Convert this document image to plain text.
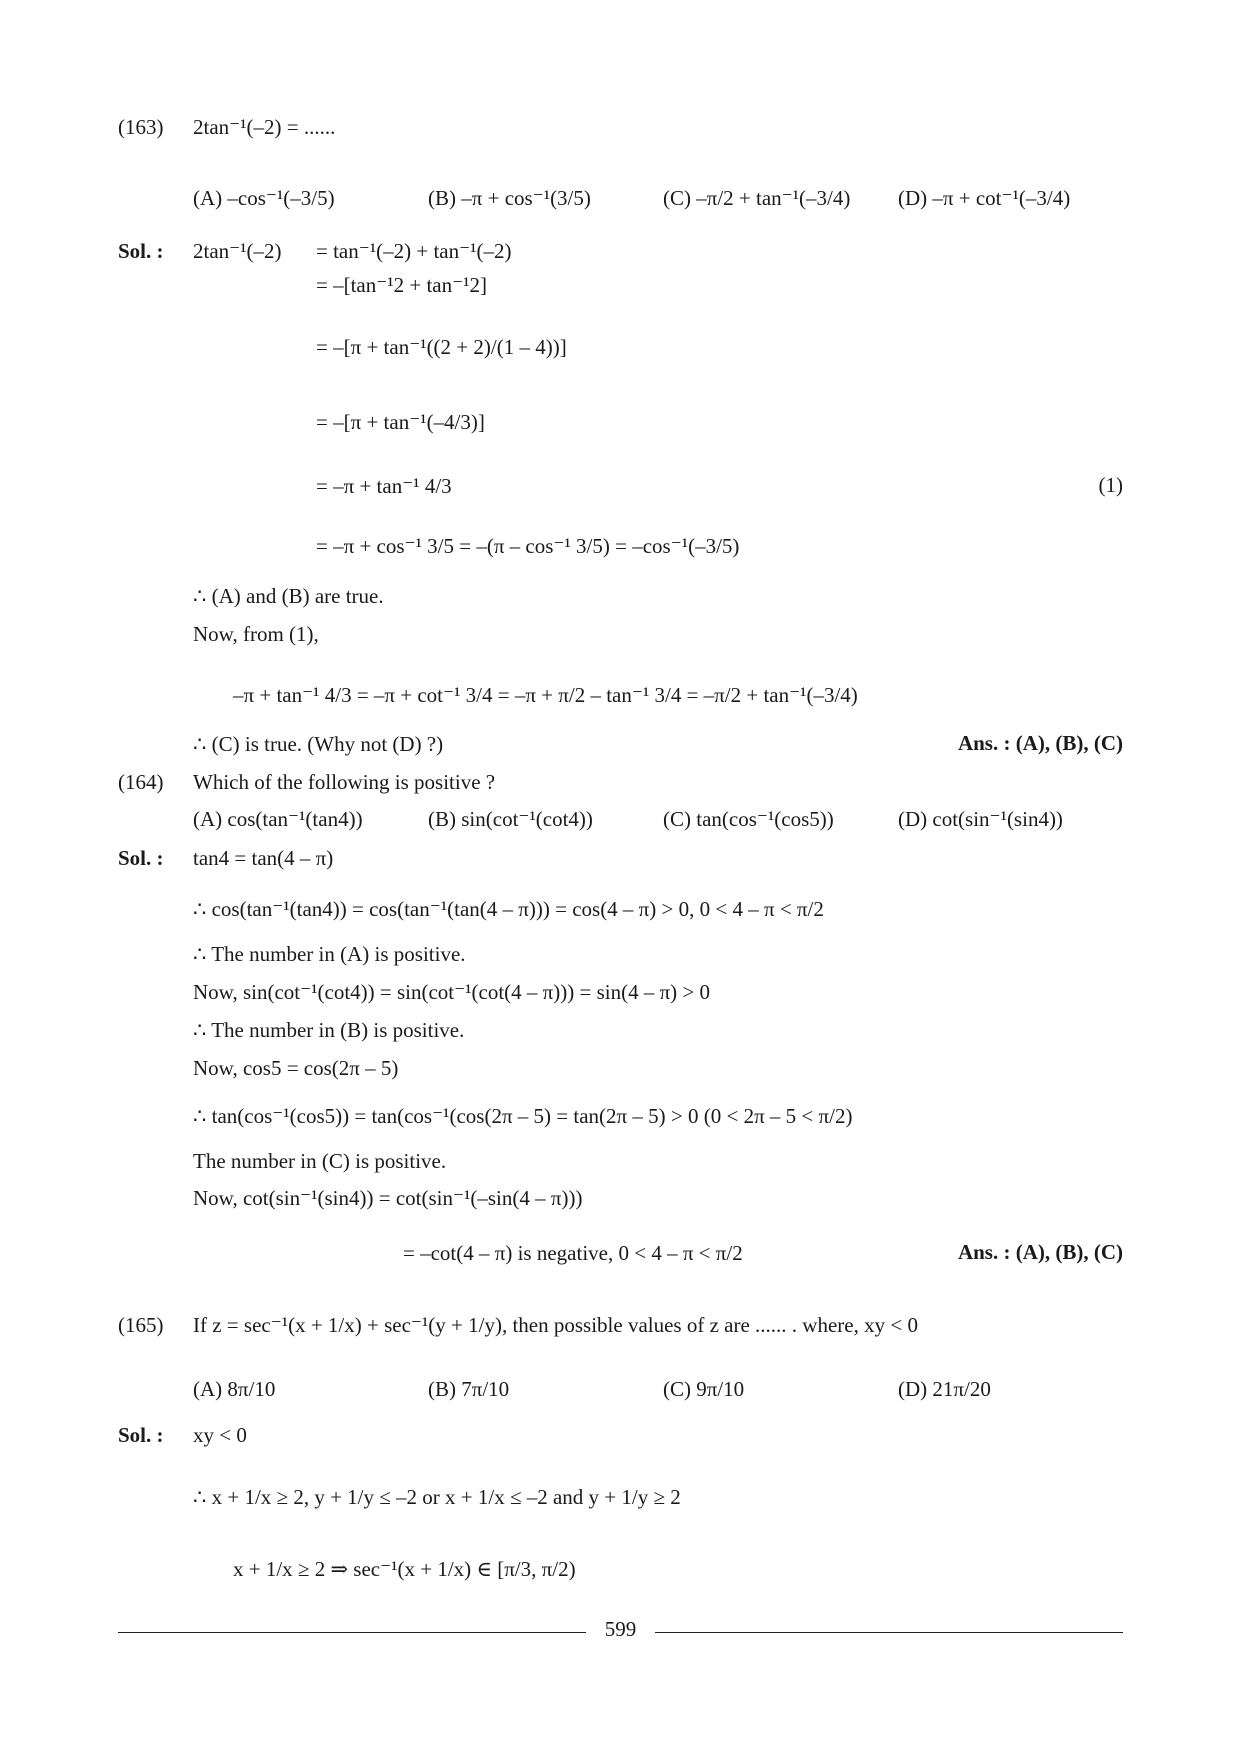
(163) 2tan⁻¹(–2) = ......
(A) –cos⁻¹(–3/5)	(B) –π + cos⁻¹(3/5)	(C) –π/2 + tan⁻¹(–3/4) (D) –π + cot⁻¹(–3/4)
Sol. : 2tan⁻¹(–2) = tan⁻¹(–2) + tan⁻¹(–2)
= –[tan⁻¹2 + tan⁻¹2]
= –[π + tan⁻¹((2 + 2)/(1 – 4))]
= –[π + tan⁻¹(–4/3)]
= –π + tan⁻¹ 4/3	(1)
= –π + cos⁻¹ 3/5 = –(π – cos⁻¹ 3/5) = –cos⁻¹(–3/5)
∴ (A) and (B) are true.
Now, from (1),
–π + tan⁻¹ 4/3 = –π + cot⁻¹ 3/4 = –π + π/2 – tan⁻¹ 3/4 = –π/2 + tan⁻¹(–3/4)
∴ (C) is true. (Why not (D) ?)	Ans. : (A), (B), (C)
(164) Which of the following is positive ?
(A) cos(tan⁻¹(tan4))	(B) sin(cot⁻¹(cot4))	(C) tan(cos⁻¹(cos5))	(D) cot(sin⁻¹(sin4))
Sol. : tan4 = tan(4 – π)
∴ cos(tan⁻¹(tan4)) = cos(tan⁻¹(tan(4 – π))) = cos(4 – π) > 0, 0 < 4 – π < π/2
∴ The number in (A) is positive.
Now, sin(cot⁻¹(cot4)) = sin(cot⁻¹(cot(4 – π))) = sin(4 – π) > 0
∴ The number in (B) is positive.
Now, cos5 = cos(2π – 5)
∴ tan(cos⁻¹(cos5)) = tan(cos⁻¹(cos(2π – 5) = tan(2π – 5) > 0 (0 < 2π – 5 < π/2)
The number in (C) is positive.
Now, cot(sin⁻¹(sin4)) = cot(sin⁻¹(–sin(4 – π)))
= –cot(4 – π) is negative, 0 < 4 – π < π/2	Ans. : (A), (B), (C)
(165) If z = sec⁻¹(x + 1/x) + sec⁻¹(y + 1/y), then possible values of z are ...... . where, xy < 0
(A) 8π/10	(B) 7π/10	(C) 9π/10	(D) 21π/20
Sol. : xy < 0
∴ x + 1/x ≥ 2, y + 1/y ≤ –2 or x + 1/x ≤ –2 and y + 1/y ≥ 2
x + 1/x ≥ 2 ⇒ sec⁻¹(x + 1/x) ∈ [π/3, π/2)
599
